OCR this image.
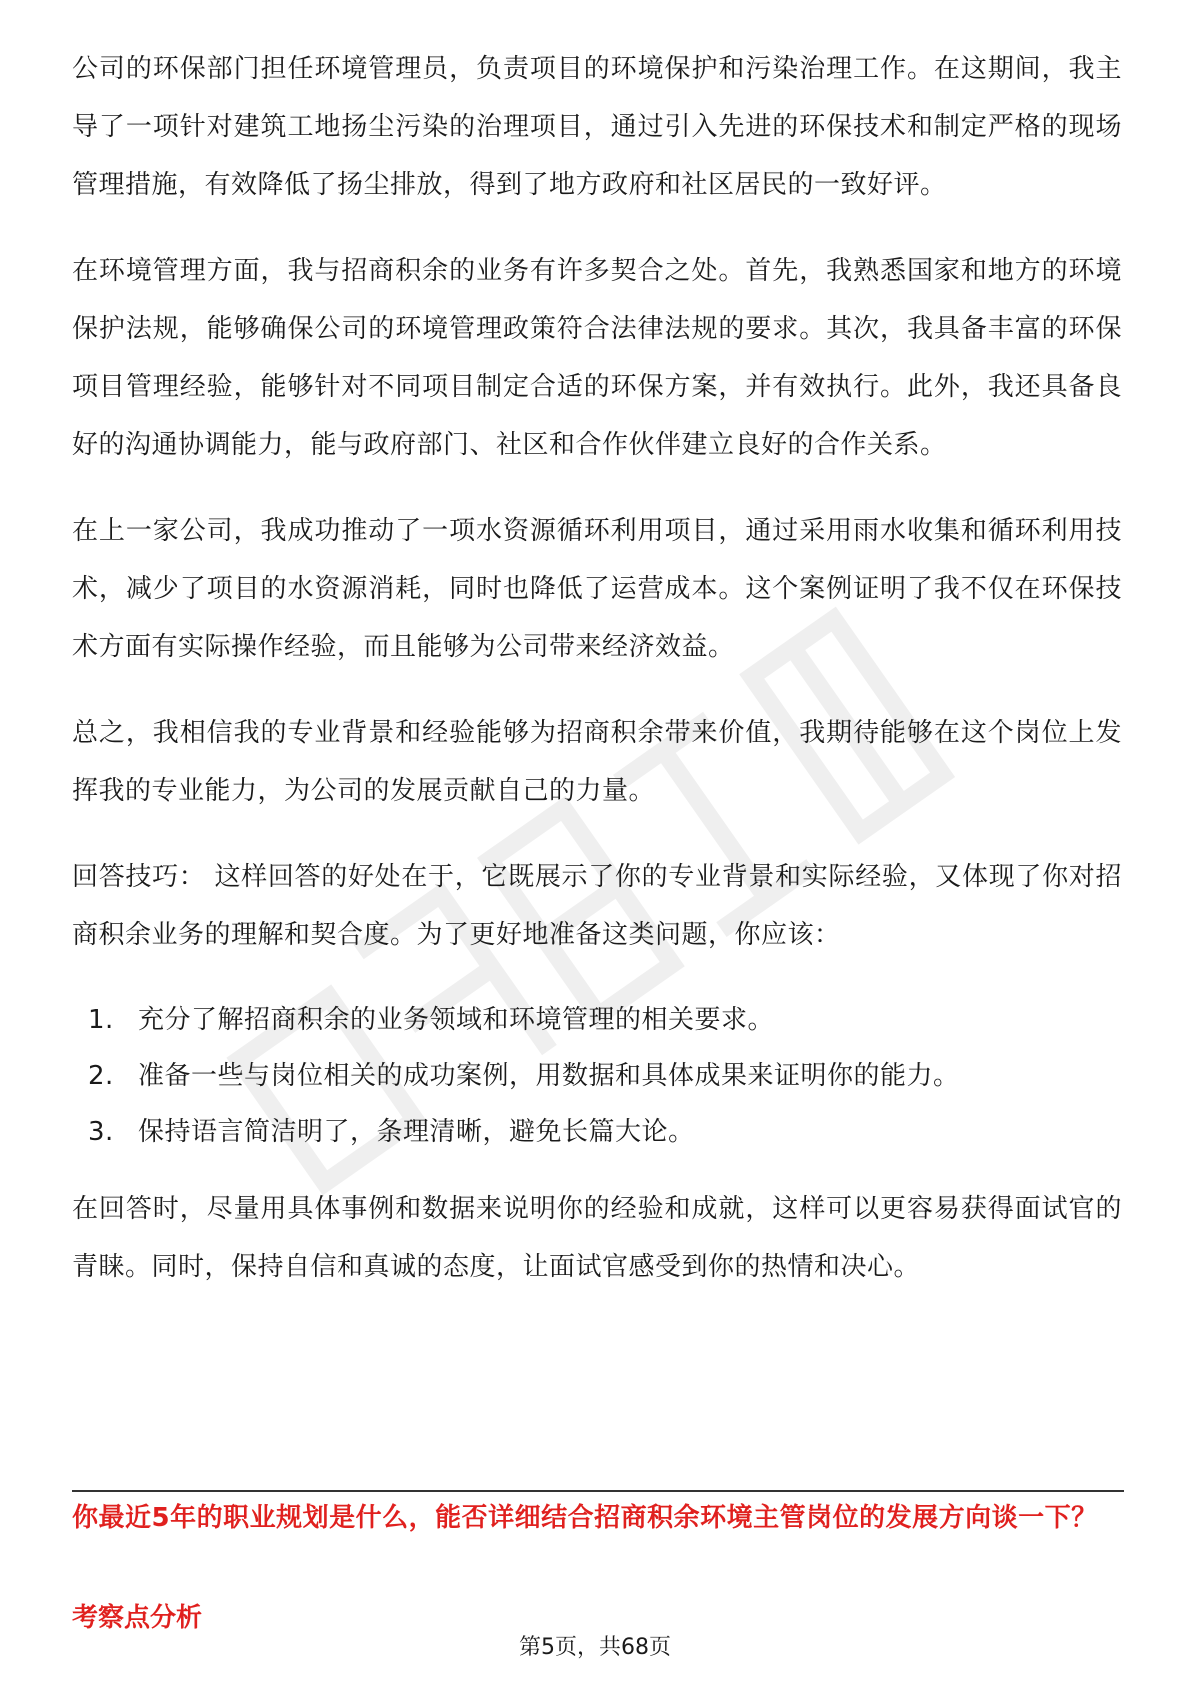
公司的环保部门担任环境管理员，负责项目的环境保护和污染治理工作。在这期间，我主导了一项针对建筑工地扬尘污染的治理项目，通过引入先进的环保技术和制定严格的现场管理措施，有效降低了扬尘排放，得到了地方政府和社区居民的一致好评。

在环境管理方面，我与招商积余的业务有许多契合之处。首先，我熟悉国家和地方的环境保护法规，能够确保公司的环境管理政策符合法律法规的要求。其次，我具备丰富的环保项目管理经验，能够针对不同项目制定合适的环保方案，并有效执行。此外，我还具备良好的沟通协调能力，能与政府部门、社区和合作伙伴建立良好的合作关系。

在上一家公司，我成功推动了一项水资源循环利用项目，通过采用雨水收集和循环利用技术，减少了项目的水资源消耗，同时也降低了运营成本。这个案例证明了我不仅在环保技术方面有实际操作经验，而且能够为公司带来经济效益。

总之，我相信我的专业背景和经验能够为招商积余带来价值，我期待能够在这个岗位上发挥我的专业能力，为公司的发展贡献自己的力量。

回答技巧： 这样回答的好处在于，它既展示了你的专业背景和实际经验，又体现了你对招商积余业务的理解和契合度。为了更好地准备这类问题，你应该：

1. 充分了解招商积余的业务领域和环境管理的相关要求。
2. 准备一些与岗位相关的成功案例，用数据和具体成果来证明你的能力。
3. 保持语言简洁明了，条理清晰，避免长篇大论。

在回答时，尽量用具体事例和数据来说明你的经验和成就，这样可以更容易获得面试官的青睐。同时，保持自信和真诚的态度，让面试官感受到你的热情和决心。

你最近5年的职业规划是什么，能否详细结合招商积余环境主管岗位的发展方向谈一下？

考察点分析

第5页，共68页
